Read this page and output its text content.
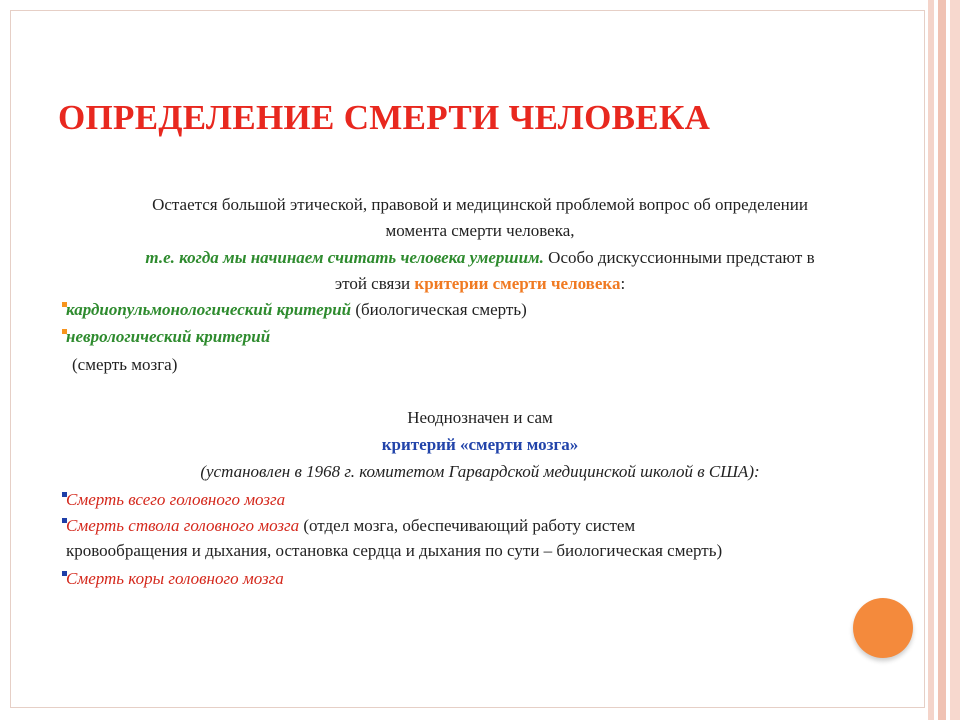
ОПРЕДЕЛЕНИЕ СМЕРТИ ЧЕЛОВЕКА
Остается большой этической, правовой и медицинской проблемой вопрос об определении
момента смерти человека,
т.е. когда мы начинаем считать человека умершим. Особо дискуссионными предстают в
этой связи критерии смерти человека:
кардиопульмонологический критерий (биологическая смерть)
неврологический критерий
(смерть мозга)
Неоднозначен и сам
критерий «смерти мозга»
(установлен в 1968 г. комитетом Гарвардской медицинской школой в США):
Смерть всего головного мозга
Смерть ствола головного мозга (отдел мозга, обеспечивающий работу систем
кровообращения и дыхания, остановка сердца и дыхания по сути – биологическая смерть)
Смерть коры головного мозга
